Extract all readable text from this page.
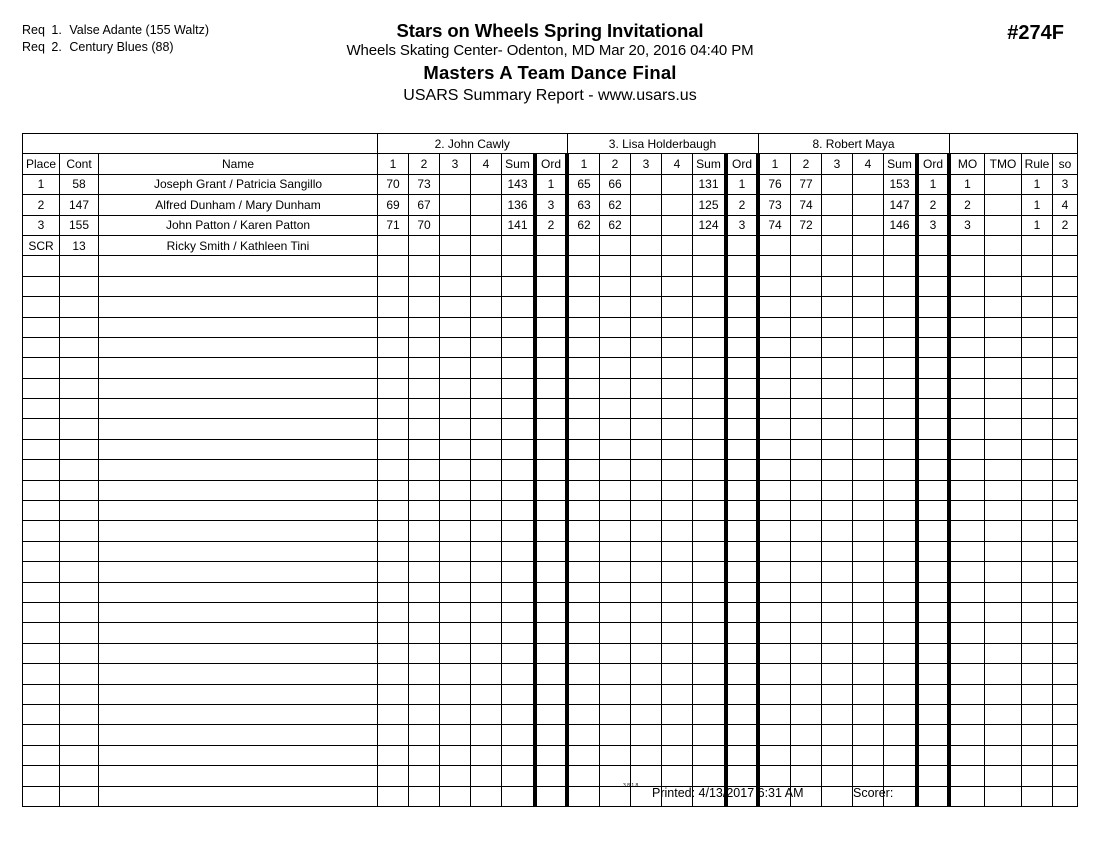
Req 1. Valse Adante (155 Waltz)
Req 2. Century Blues (88)
Stars on Wheels Spring Invitational
Wheels Skating Center- Odenton, MD Mar 20, 2016 04:40 PM
Masters A Team Dance Final
USARS Summary Report - www.usars.us
#274F
			2. John Cawly						3. Lisa Holderbaugh						8. Robert Maya									
Place	Cont	Name	1	2	3	4	Sum	Ord	1	2	3	4	Sum	Ord	1	2	3	4	Sum	Ord	MO	TMO	Rule	so
1	58	Joseph Grant / Patricia Sangillo	70	73			143	1	65	66			131	1	76	77			153	1	1		1	3
2	147	Alfred Dunham / Mary Dunham	69	67			136	3	63	62			125	2	73	74			147	2	2		1	4
3	155	John Patton / Karen Patton	71	70			141	2	62	62			124	3	74	72			146	3	3		1	2
SCR	13	Ricky Smith / Kathleen Tini																						

3.8.1.8 Printed: 4/13/2017 6:31 AM	Scorer:
